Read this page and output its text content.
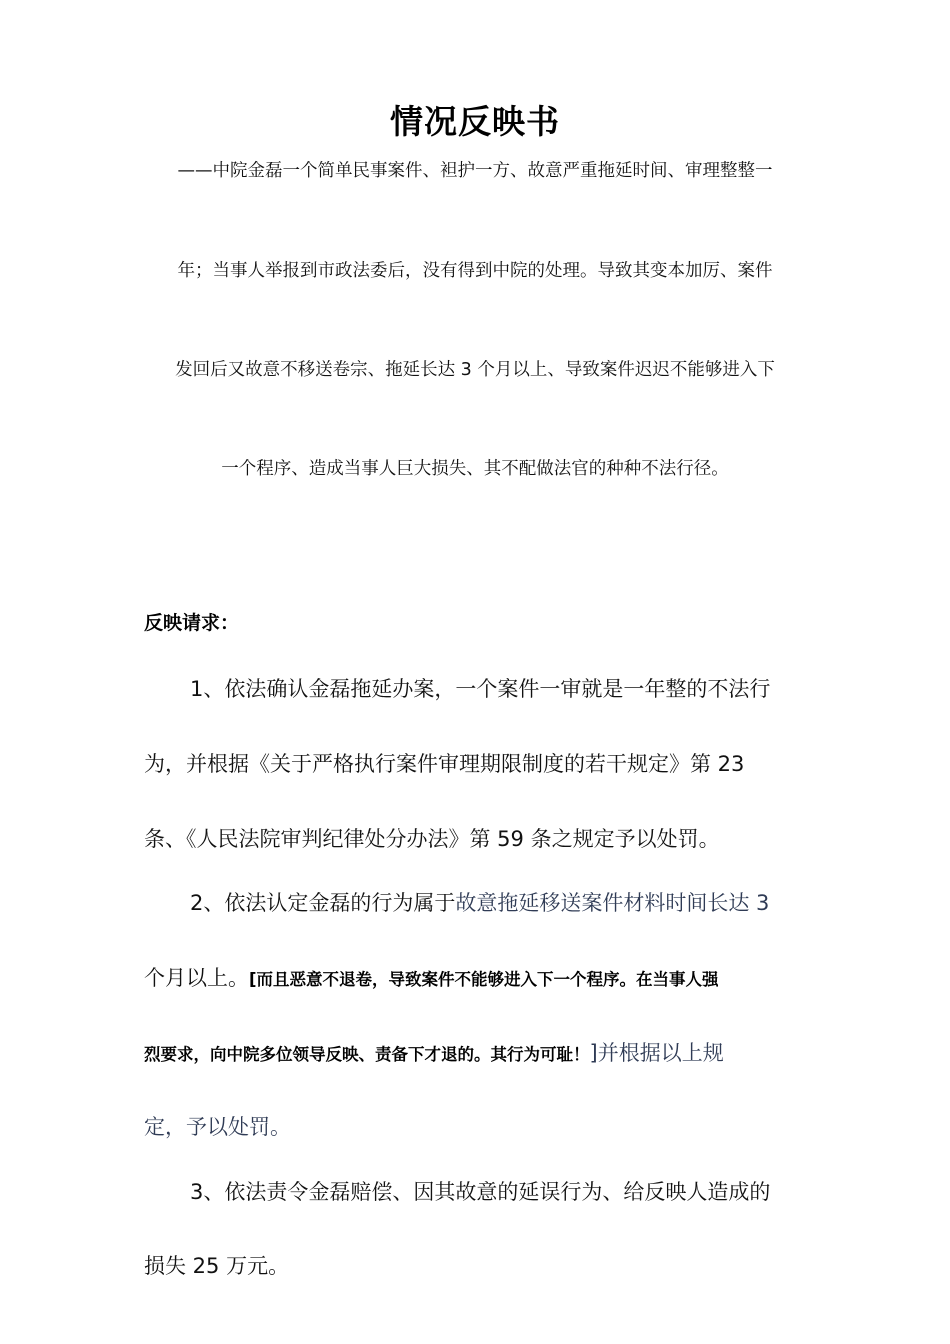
情况反映书
——中院金磊一个简单民事案件、袒护一方、故意严重拖延时间、审理整整一
年；当事人举报到市政法委后，没有得到中院的处理。导致其变本加厉、案件
发回后又故意不移送卷宗、拖延长达 3 个月以上、导致案件迟迟不能够进入下
一个程序、造成当事人巨大损失、其不配做法官的种种不法行径。
反映请求：
1、依法确认金磊拖延办案，一个案件一审就是一年整的不法行
为，并根据《关于严格执行案件审理期限制度的若干规定》第 23
条、《人民法院审判纪律处分办法》第 59 条之规定予以处罚。
2、依法认定金磊的行为属于故意拖延移送案件材料时间长达 3
个月以上。[而且恶意不退卷，导致案件不能够进入下一个程序。在当事人强
烈要求，向中院多位领导反映、责备下才退的。其行为可耻！]并根据以上规
定，予以处罚。
3、依法责令金磊赔偿、因其故意的延误行为、给反映人造成的
损失 25 万元。
